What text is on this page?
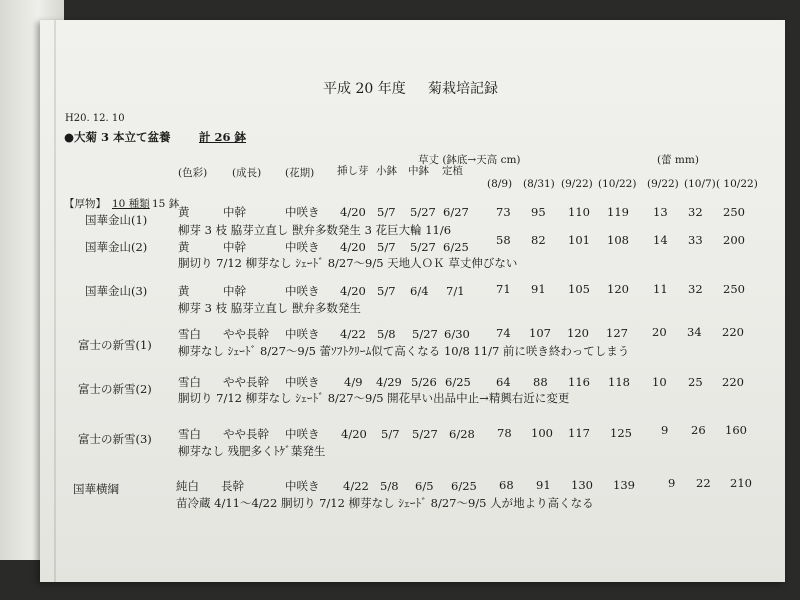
平成 20 年度 菊栽培記録
H20. 12. 10
●大菊 3 本立て盆養 計 26 鉢
草丈 (鉢底→天高 cm)	(蕾 mm)
(色彩) (成長) (花期) 挿し芽 小鉢 中鉢 定植
(8/9) (8/31) (9/22) (10/22) (9/22) (10/7) ( 10/22)
【厚物】 10 種類 15 鉢
国華金山(1)
黄	中幹	中咲き 4/20 5/7 5/27 6/27 73 95 110 119 13 32 250
柳芽 3 枝 脇芽立直し 獣弁多数発生 3 花巨大輪 11/6
国華金山(2)	黄	中幹	中咲き 4/20 5/7 5/27 6/25 58 82 101 108 14 33 200
胴切り 7/12 柳芽なし ｼｪｰﾄﾞ 8/27～9/5 天地人ＯＫ 草丈伸びない
国華金山(3)	黄	中幹	中咲き 4/20 5/7 6/4 7/1	71 91 105 120 11 32 250
柳芽 3 枝 脇芽立直し 獣弁多数発生
富士の新雪(1)
雪白 やや長幹 中咲き 4/22 5/8 5/27 6/30 74 107 120 127 20 34 220
柳芽なし ｼｪｰﾄﾞ 8/27～9/5 蕾ｿﾌﾄｸﾘｰﾑ似て高くなる 10/8 11/7 前に咲き終わってしまう
富士の新雪(2) 雪白 やや長幹 中咲き 4/9 4/29 5/26 6/25 64 88 116 118 10 25 220
胴切り 7/12 柳芽なし ｼｪｰﾄﾞ 8/27～9/5 開花早い出品中止→精興右近に変更
富士の新雪(3) 雪白 やや長幹 中咲き 4/20 5/7 5/27 6/28 78 100 117 125	9 26 160
柳芽なし 残肥多くﾄｹﾞ葉発生
国華横綱	純白 長幹	中咲き 4/22 5/8 6/5 6/25 68 91 130 139	9 22 210
苗冷蔵 4/11～4/22 胴切り 7/12 柳芽なし ｼｪｰﾄﾞ 8/27～9/5 人が地より高くなる
